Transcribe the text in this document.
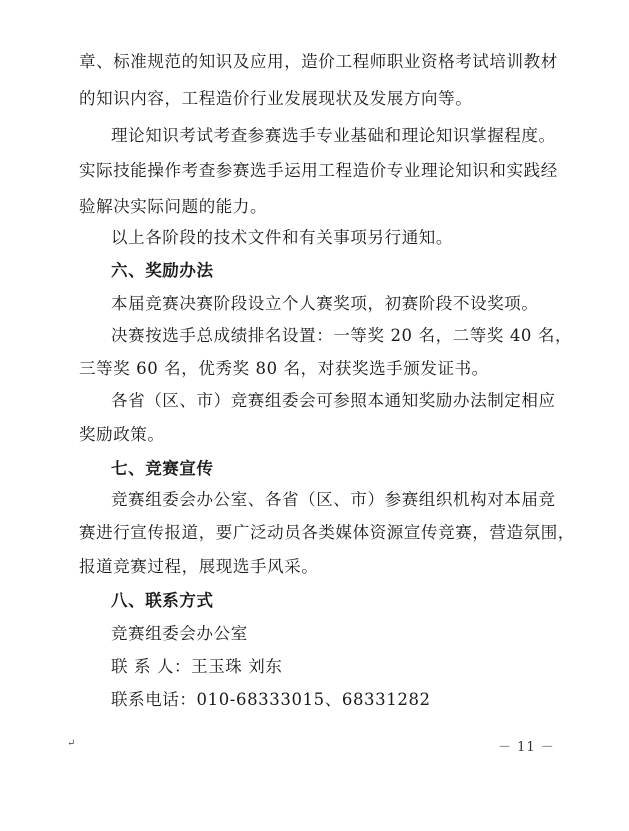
章、标准规范的知识及应用，造价工程师职业资格考试培训教材
的知识内容，工程造价行业发展现状及发展方向等。
理论知识考试考查参赛选手专业基础和理论知识掌握程度。
实际技能操作考查参赛选手运用工程造价专业理论知识和实践经
验解决实际问题的能力。
以上各阶段的技术文件和有关事项另行通知。
六、奖励办法
本届竞赛决赛阶段设立个人赛奖项，初赛阶段不设奖项。
决赛按选手总成绩排名设置：一等奖 20 名，二等奖 40 名，
三等奖 60 名，优秀奖 80 名，对获奖选手颁发证书。
各省（区、市）竞赛组委会可参照本通知奖励办法制定相应
奖励政策。
七、竞赛宣传
竞赛组委会办公室、各省（区、市）参赛组织机构对本届竞
赛进行宣传报道，要广泛动员各类媒体资源宣传竞赛，营造氛围，
报道竞赛过程，展现选手风采。
八、联系方式
竞赛组委会办公室
联 系 人：王玉珠 刘东
联系电话：010-68333015、68331282
↵	－ 11 －
